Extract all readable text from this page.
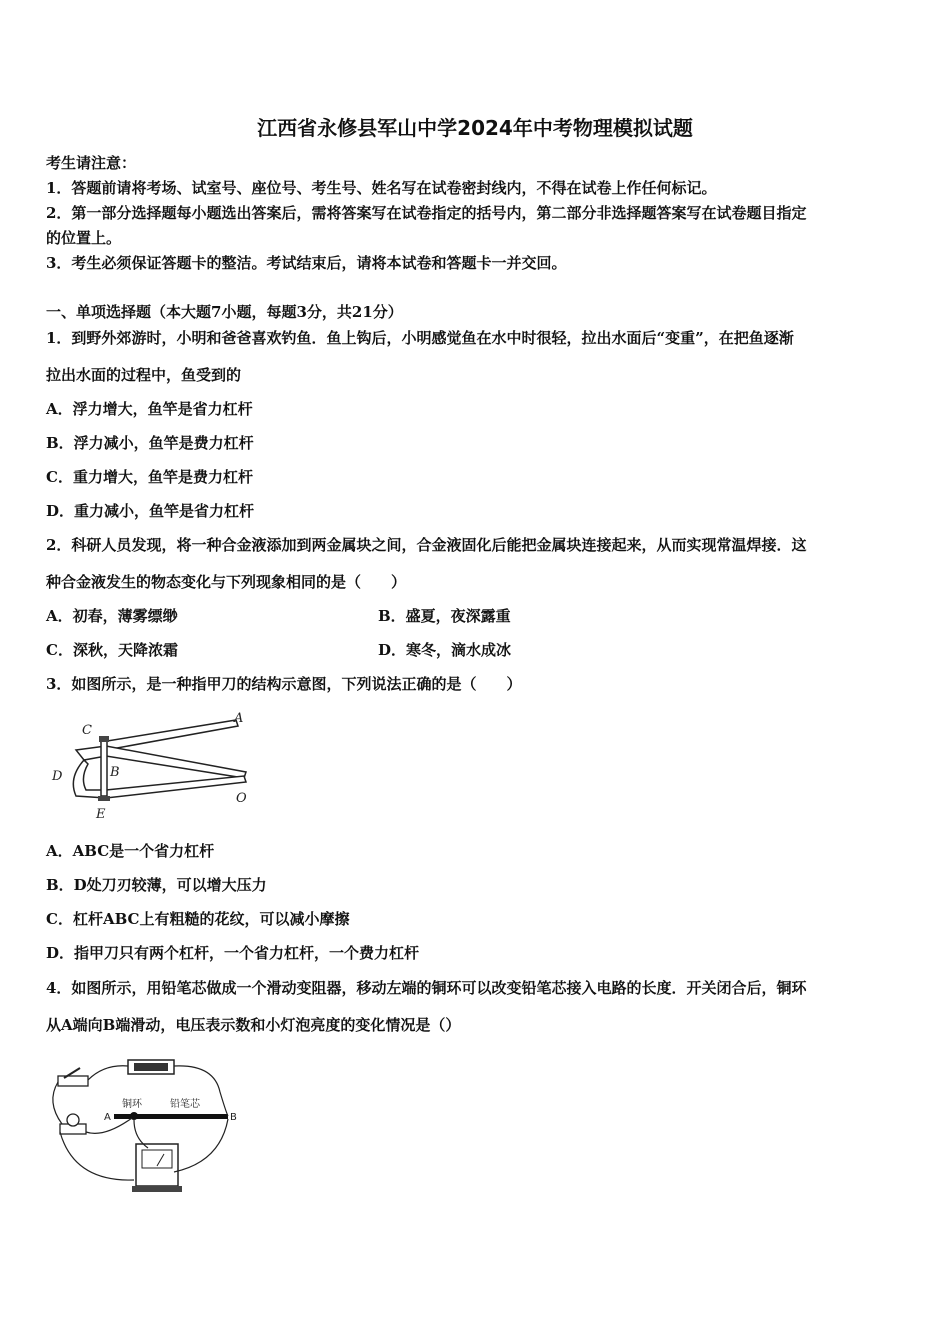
江西省永修县军山中学2024年中考物理模拟试题
考生请注意：
1．答题前请将考场、试室号、座位号、考生号、姓名写在试卷密封线内，不得在试卷上作任何标记。
2．第一部分选择题每小题选出答案后，需将答案写在试卷指定的括号内，第二部分非选择题答案写在试卷题目指定
的位置上。
3．考生必须保证答题卡的整洁。考试结束后，请将本试卷和答题卡一并交回。
一、单项选择题（本大题7小题，每题3分，共21分）
1．到野外郊游时，小明和爸爸喜欢钓鱼．鱼上钩后，小明感觉鱼在水中时很轻，拉出水面后“变重”，在把鱼逐渐
拉出水面的过程中，鱼受到的
A．浮力增大，鱼竿是省力杠杆
B．浮力减小，鱼竿是费力杠杆
C．重力增大，鱼竿是费力杠杆
D．重力减小，鱼竿是省力杠杆
2．科研人员发现，将一种合金液添加到两金属块之间，合金液固化后能把金属块连接起来，从而实现常温焊接．这
种合金液发生的物态变化与下列现象相同的是（　　）
A．初春，薄雾缥缈	B．盛夏，夜深露重
C．深秋，天降浓霜	D．寒冬，滴水成冰
3．如图所示，是一种指甲刀的结构示意图，下列说法正确的是（　　）
A
B
C
D
E
O
A．ABC是一个省力杠杆
B．D处刀刃较薄，可以增大压力
C．杠杆ABC上有粗糙的花纹，可以减小摩擦
D．指甲刀只有两个杠杆，一个省力杠杆，一个费力杠杆
4．如图所示，用铅笔芯做成一个滑动变阻器，移动左端的铜环可以改变铅笔芯接入电路的长度．开关闭合后，铜环
从A端向B端滑动，电压表示数和小灯泡亮度的变化情况是（）
A	B
铜环	铅笔芯
